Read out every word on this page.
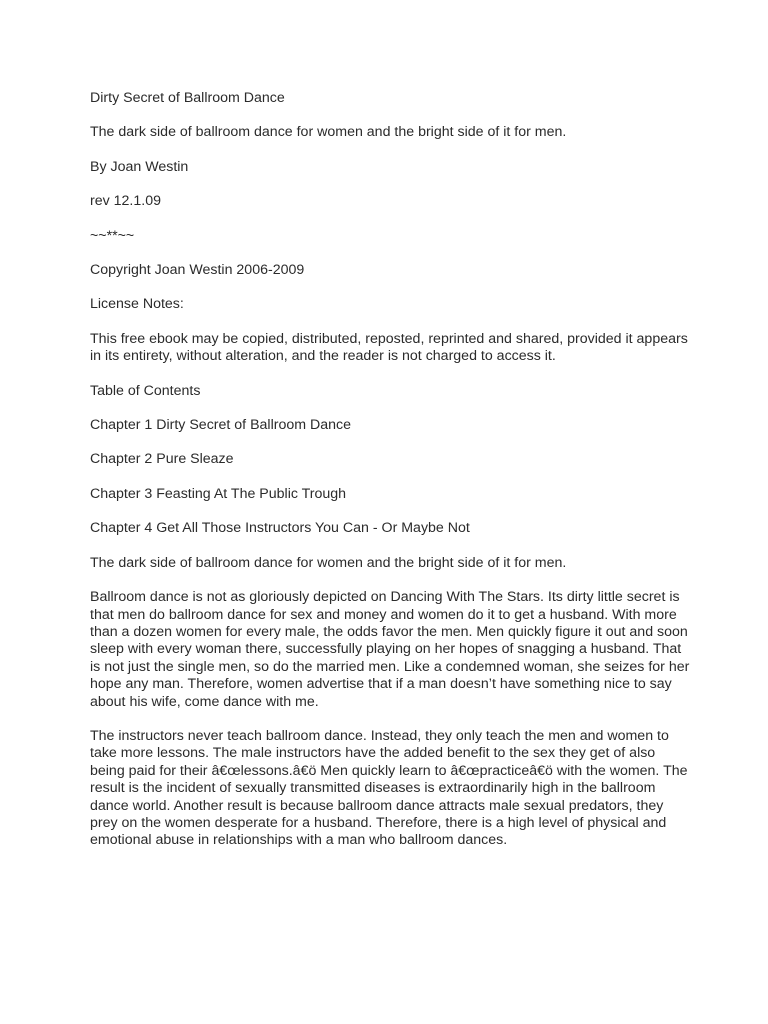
Dirty Secret of Ballroom Dance

The dark side of ballroom dance for women and the bright side of it for men.

By Joan Westin

rev 12.1.09

~~**~~

Copyright Joan Westin 2006-2009

License Notes:

This free ebook may be copied, distributed, reposted, reprinted and shared, provided it appears in its entirety, without alteration, and the reader is not charged to access it.

Table of Contents

Chapter 1 Dirty Secret of Ballroom Dance

Chapter 2 Pure Sleaze

Chapter 3 Feasting At The Public Trough

Chapter 4 Get All Those Instructors You Can - Or Maybe Not

The dark side of ballroom dance for women and the bright side of it for men.

Ballroom dance is not as gloriously depicted on Dancing With The Stars. Its dirty little secret is that men do ballroom dance for sex and money and women do it to get a husband. With more than a dozen women for every male, the odds favor the men. Men quickly figure it out and soon sleep with every woman there, successfully playing on her hopes of snagging a husband. That is not just the single men, so do the married men. Like a condemned woman, she seizes for her hope any man. Therefore, women advertise that if a man doesn’t have something nice to say about his wife, come dance with me.

The instructors never teach ballroom dance. Instead, they only teach the men and women to take more lessons. The male instructors have the added benefit to the sex they get of also being paid for their â€œlessons.â€ö Men quickly learn to â€œpracticeâ€ö with the women. The result is the incident of sexually transmitted diseases is extraordinarily high in the ballroom dance world. Another result is because ballroom dance attracts male sexual predators, they prey on the women desperate for a husband. Therefore, there is a high level of physical and emotional abuse in relationships with a man who ballroom dances.
